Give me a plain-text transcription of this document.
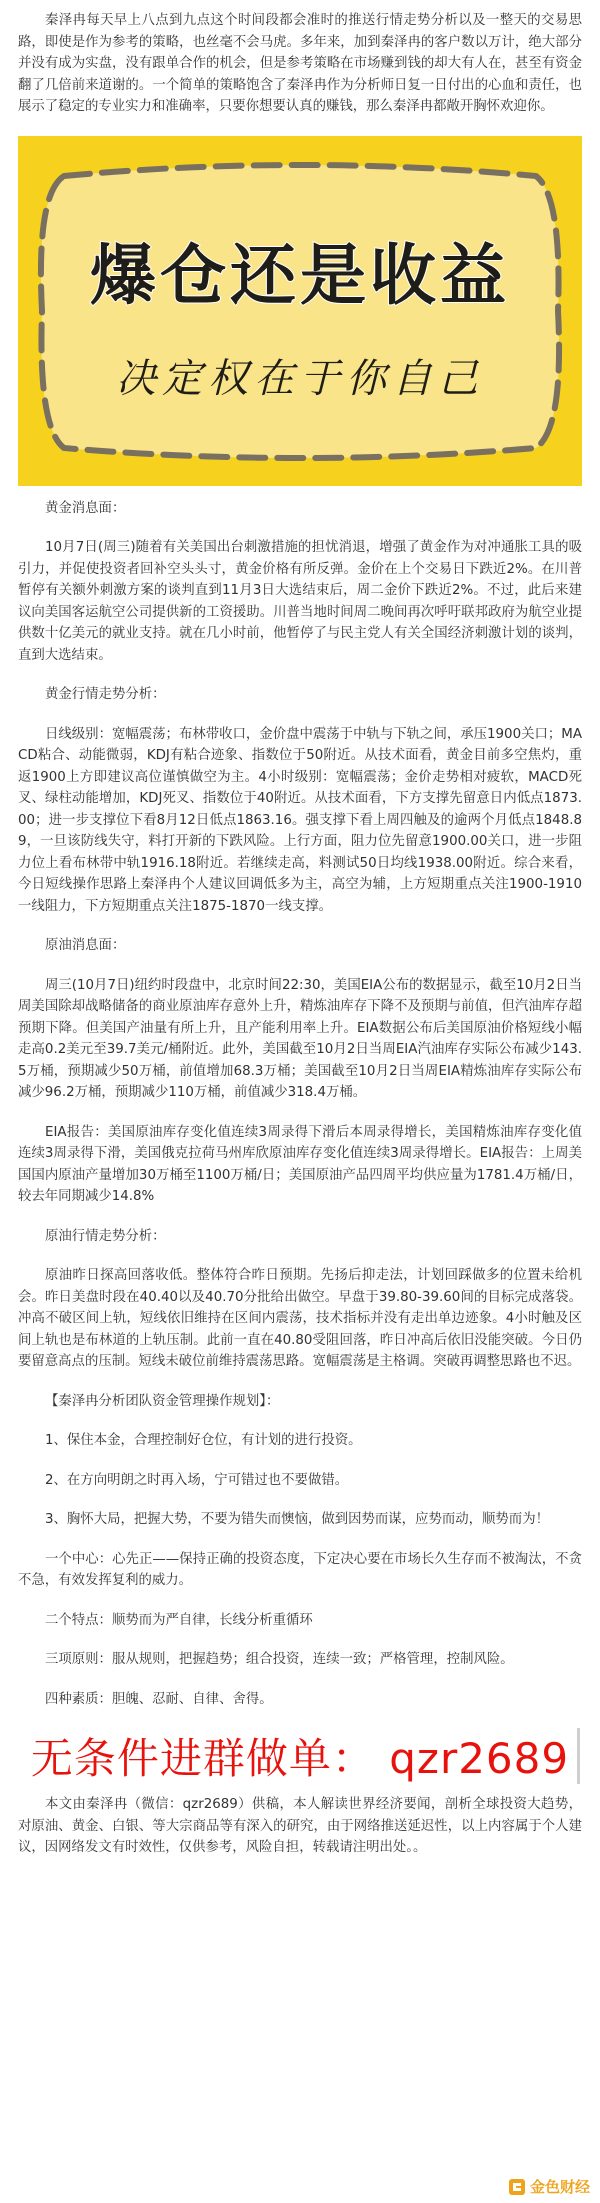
秦泽冉每天早上八点到九点这个时间段都会准时的推送行情走势分析以及一整天的交易思路，即使是作为参考的策略，也丝毫不会马虎。多年来，加到秦泽冉的客户数以万计，绝大部分并没有成为实盘，没有跟单合作的机会，但是参考策略在市场赚到钱的却大有人在，甚至有资金翻了几倍前来道谢的。一个简单的策略饱含了秦泽冉作为分析师日复一日付出的心血和责任，也展示了稳定的专业实力和准确率，只要你想要认真的赚钱，那么秦泽冉都敞开胸怀欢迎你。

爆仓还是收益
决定权在于你自己

黄金消息面：

10月7日(周三)随着有关美国出台刺激措施的担忧消退，增强了黄金作为对冲通胀工具的吸引力，并促使投资者回补空头头寸，黄金价格有所反弹。金价在上个交易日下跌近2%。在川普暂停有关额外刺激方案的谈判直到11月3日大选结束后，周二金价下跌近2%。不过，此后来建议向美国客运航空公司提供新的工资援助。川普当地时间周二晚间再次呼吁联邦政府为航空业提供数十亿美元的就业支持。就在几小时前，他暂停了与民主党人有关全国经济刺激计划的谈判，直到大选结束。

黄金行情走势分析：

日线级别：宽幅震荡；布林带收口，金价盘中震荡于中轨与下轨之间，承压1900关口；MACD粘合、动能微弱，KDJ有粘合迹象、指数位于50附近。从技术面看，黄金目前多空焦灼，重返1900上方即建议高位谨慎做空为主。4小时级别：宽幅震荡；金价走势相对疲软，MACD死叉、绿柱动能增加，KDJ死叉、指数位于40附近。从技术面看，下方支撑先留意日内低点1873.00；进一步支撑位下看8月12日低点1863.16。强支撑下看上周四触及的逾两个月低点1848.89，一旦该防线失守，料打开新的下跌风险。上行方面，阻力位先留意1900.00关口，进一步阻力位上看布林带中轨1916.18附近。若继续走高，料测试50日均线1938.00附近。综合来看，今日短线操作思路上秦泽冉个人建议回调低多为主，高空为辅，上方短期重点关注1900-1910一线阻力，下方短期重点关注1875-1870一线支撑。

原油消息面：

周三(10月7日)纽约时段盘中，北京时间22:30，美国EIA公布的数据显示，截至10月2日当周美国除却战略储备的商业原油库存意外上升，精炼油库存下降不及预期与前值，但汽油库存超预期下降。但美国产油量有所上升，且产能利用率上升。EIA数据公布后美国原油价格短线小幅走高0.2美元至39.7美元/桶附近。此外，美国截至10月2日当周EIA汽油库存实际公布减少143.5万桶，预期减少50万桶，前值增加68.3万桶；美国截至10月2日当周EIA精炼油库存实际公布减少96.2万桶，预期减少110万桶，前值减少318.4万桶。

EIA报告：美国原油库存变化值连续3周录得下滑后本周录得增长，美国精炼油库存变化值连续3周录得下滑，美国俄克拉荷马州库欣原油库存变化值连续3周录得增长。EIA报告：上周美国国内原油产量增加30万桶至1100万桶/日；美国原油产品四周平均供应量为1781.4万桶/日，较去年同期减少14.8%

原油行情走势分析：

原油昨日探高回落收低。整体符合昨日预期。先扬后抑走法，计划回踩做多的位置未给机会。昨日美盘时段在40.40以及40.70分批给出做空。早盘于39.80-39.60间的目标完成落袋。冲高不破区间上轨，短线依旧维持在区间内震荡，技术指标并没有走出单边迹象。4小时触及区间上轨也是布林道的上轨压制。此前一直在40.80受阻回落，昨日冲高后依旧没能突破。今日仍要留意高点的压制。短线未破位前维持震荡思路。宽幅震荡是主格调。突破再调整思路也不迟。

【秦泽冉分析团队资金管理操作规划】：

1、保住本金，合理控制好仓位，有计划的进行投资。

2、在方向明朗之时再入场，宁可错过也不要做错。

3、胸怀大局，把握大势，不要为错失而懊恼，做到因势而谋，应势而动，顺势而为！

一个中心：心先正——保持正确的投资态度，下定决心要在市场长久生存而不被淘汰，不贪不急，有效发挥复利的威力。

二个特点：顺势而为严自律，长线分析重循环

三项原则：服从规则，把握趋势；组合投资，连续一致；严格管理，控制风险。

四种素质：胆魄、忍耐、自律、舍得。

无条件进群做单： qzr2689

本文由秦泽冉（微信：qzr2689）供稿，本人解读世界经济要闻，剖析全球投资大趋势，对原油、黄金、白银、等大宗商品等有深入的研究，由于网络推送延迟性，以上内容属于个人建议，因网络发文有时效性，仅供参考，风险自担，转载请注明出处。。

金色财经
